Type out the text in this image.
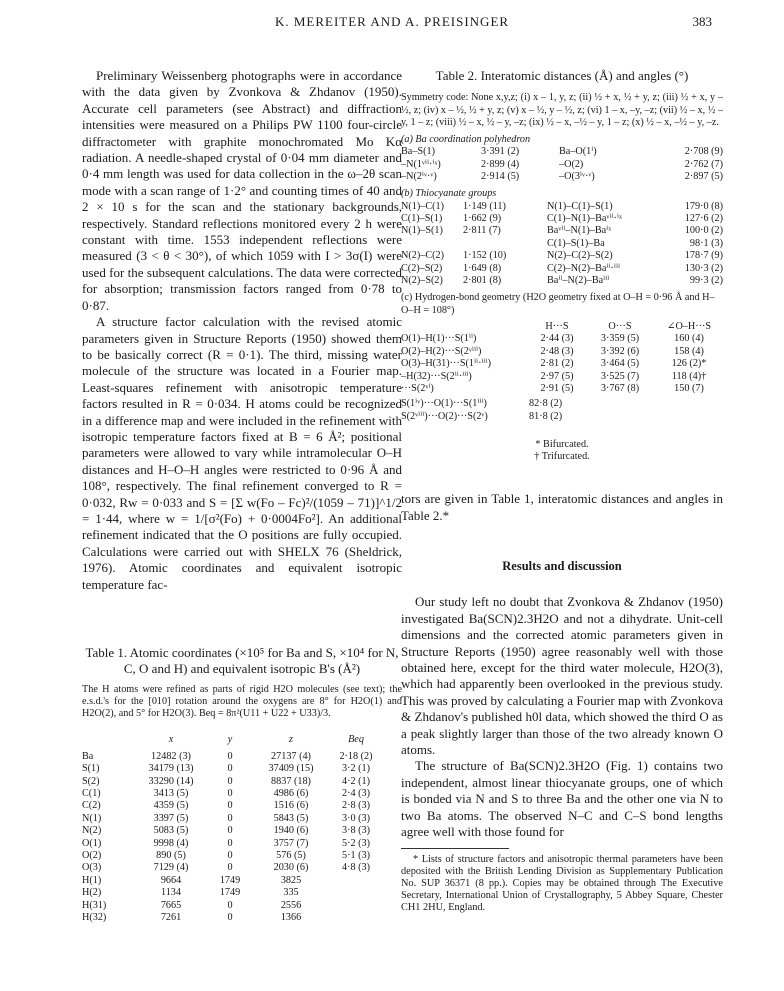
K. MEREITER AND A. PREISINGER	383

Preliminary Weissenberg photographs were in accordance with the data given by Zvonkova & Zhdanov (1950). Accurate cell parameters (see Abstract) and diffraction intensities were measured on a Philips PW 1100 four-circle diffractometer with graphite monochromated Mo Kα radiation. A needle-shaped crystal of 0·04 mm diameter and 0·4 mm length was used for data collection in the ω–2θ scan mode with a scan range of 1·2° and counting times of 40 and 2 × 10 s for the scan and the stationary backgrounds, respectively. Standard reflections monitored every 2 h were constant with time. 1553 independent reflections were measured (3 < θ < 30°), of which 1059 with I > 3σ(I) were used for the subsequent calculations. The data were corrected for absorption; transmission factors ranged from 0·78 to 0·87.

A structure factor calculation with the revised atomic parameters given in Structure Reports (1950) showed them to be basically correct (R = 0·1). The third, missing water molecule of the structure was located in a Fourier map. Least-squares refinement with anisotropic temperature factors resulted in R = 0·034. H atoms could be recognized in a difference map and were included in the refinement with isotropic temperature factors fixed at B = 6 Å²; positional parameters were allowed to vary while intramolecular O–H distances and H–O–H angles were restricted to 0·96 Å and 108°, respectively. The final refinement converged to R = 0·032, Rw = 0·033 and S = [Σ w(Fo – Fc)²/(1059 – 71)]^1/2 = 1·44, where w = 1/[σ²(Fo) + 0·0004Fo²]. An additional refinement indicated that the O positions are fully occupied. Calculations were carried out with SHELX 76 (Sheldrick, 1976). Atomic coordinates and equivalent isotropic temperature fac-

Table 1. Atomic coordinates (×10⁵ for Ba and S, ×10⁴ for N, C, O and H) and equivalent isotropic B's (Å²)
The H atoms were refined as parts of rigid H2O molecules (see text); the e.s.d.'s for the [010] rotation around the oxygens are 8° for H2O(1) and H2O(2), and 5° for H2O(3). Beq = 8π²(U11 + U22 + U33)/3.
	x	y	z	Beq
Ba	12482 (3)	0	27137 (4)	2·18 (2)
S(1)	34179 (13)	0	37409 (15)	3·2 (1)
S(2)	33290 (14)	0	8837 (18)	4·2 (1)
C(1)	3413 (5)	0	4986 (6)	2·4 (3)
C(2)	4359 (5)	0	1516 (6)	2·8 (3)
N(1)	3397 (5)	0	5843 (5)	3·0 (3)
N(2)	5083 (5)	0	1940 (6)	3·8 (3)
O(1)	9998 (4)	0	3757 (7)	5·2 (3)
O(2)	890 (5)	0	576 (5)	5·1 (3)
O(3)	7129 (4)	0	2030 (6)	4·8 (3)
H(1)	9664	1749	3825	
H(2)	1134	1749	335	
H(31)	7665	0	2556	
H(32)	7261	0	1366	
Table 2. Interatomic distances (Å) and angles (°)
Symmetry code: None x,y,z; (i) x – 1, y, z; (ii) ½ + x, ½ + y, z; (iii) ½ + x, y – ½, z; (iv) x – ½, ½ + y, z; (v) x – ½, y – ½, z; (vi) 1 – x, –y, –z; (vii) ½ – x, ½ – y, 1 – z; (viii) ½ – x, ½ – y, –z; (ix) ½ – x, –½ – y, 1 – z; (x) ½ – x, –½ – y, –z.
(a) Ba coordination polyhedron
Ba–S(1)	3·391 (2)	Ba–O(1ⁱ)	2·708 (9)
–N(1ᵛⁱⁱ·ⁱˣ)	2·899 (4)	–O(2)	2·762 (7)
–N(2ⁱᵛ·ᵛ)	2·914 (5)	–O(3ⁱᵛ·ᵛ)	2·897 (5)
(b) Thiocyanate groups
N(1)–C(1)	1·149 (11)	N(1)–C(1)–S(1)	179·0 (8)
C(1)–S(1)	1·662 (9)	C(1)–N(1)–Baᵛⁱⁱ·ⁱˣ	127·6 (2)
N(1)–S(1)	2·811 (7)	Baᵛⁱⁱ–N(1)–Baⁱˣ	100·0 (2)
		C(1)–S(1)–Ba	98·1 (3)
N(2)–C(2)	1·152 (10)	N(2)–C(2)–S(2)	178·7 (9)
C(2)–S(2)	1·649 (8)	C(2)–N(2)–Baⁱⁱ·ⁱⁱⁱ	130·3 (2)
N(2)–S(2)	2·801 (8)	Baⁱⁱ–N(2)–Baⁱⁱⁱ	99·3 (2)
(c) Hydrogen-bond geometry (H2O geometry fixed at O–H = 0·96 Å and H–O–H = 108°)
	H···S	O···S	∠O–H···S
O(1)–H(1)···S(1ⁱⁱ)	2·44 (3)	3·359 (5)	160 (4)
O(2)–H(2)···S(2ᵛⁱⁱⁱ)	2·48 (3)	3·392 (6)	158 (4)
O(3)–H(31)···S(1ⁱⁱ·ⁱⁱⁱ)	2·81 (2)	3·464 (5)	126 (2)*
–H(32)···S(2ⁱⁱ·ⁱⁱⁱ)	2·97 (5)	3·525 (7)	118 (4)†
···S(2ᵛⁱ)	2·91 (5)	3·767 (8)	150 (7)
S(1ⁱᵛ)···O(1)···S(1ⁱⁱⁱ)	82·8 (2)
S(2ᵛⁱⁱⁱ)···O(2)···S(2ᵛ)	81·8 (2)
* Bifurcated.
† Trifurcated.

tors are given in Table 1, interatomic distances and angles in Table 2.*

Results and discussion

Our study left no doubt that Zvonkova & Zhdanov (1950) investigated Ba(SCN)2.3H2O and not a dihydrate. Unit-cell dimensions and the corrected atomic parameters given in Structure Reports (1950) agree reasonably well with those obtained here, except for the third water molecule, H2O(3), which had apparently been overlooked in the previous study. This was proved by calculating a Fourier map with Zvonkova & Zhdanov's published h0l data, which showed the third O as a peak slightly larger than those of the two already known O atoms.

The structure of Ba(SCN)2.3H2O (Fig. 1) contains two independent, almost linear thiocyanate groups, one of which is bonded via N and S to three Ba and the other one via N to two Ba atoms. The observed N–C and C–S bond lengths agree well with those found for

* Lists of structure factors and anisotropic thermal parameters have been deposited with the British Lending Division as Supplementary Publication No. SUP 36371 (8 pp.). Copies may be obtained through The Executive Secretary, International Union of Crystallography, 5 Abbey Square, Chester CH1 2HU, England.
